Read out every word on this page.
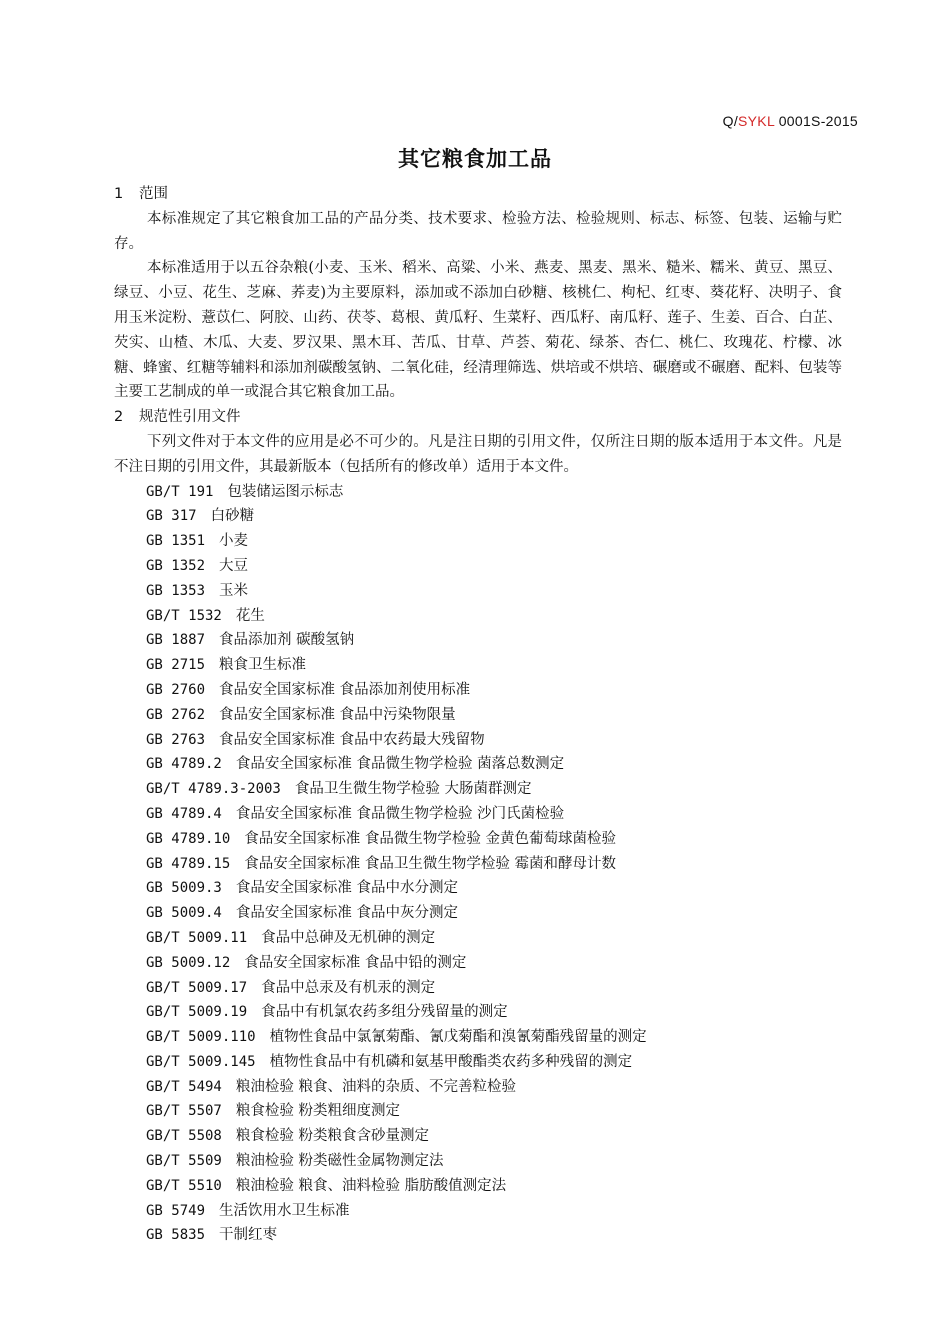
Q/SYKL 0001S-2015
其它粮食加工品
1 范围

本标准规定了其它粮食加工品的产品分类、技术要求、检验方法、检验规则、标志、标签、包装、运输与贮存。

本标准适用于以五谷杂粮(小麦、玉米、稻米、高粱、小米、燕麦、黑麦、黑米、糙米、糯米、黄豆、黑豆、绿豆、小豆、花生、芝麻、荞麦)为主要原料，添加或不添加白砂糖、核桃仁、枸杞、红枣、葵花籽、决明子、食用玉米淀粉、薏苡仁、阿胶、山药、茯苓、葛根、黄瓜籽、生菜籽、西瓜籽、南瓜籽、莲子、生姜、百合、白芷、芡实、山楂、木瓜、大麦、罗汉果、黑木耳、苦瓜、甘草、芦荟、菊花、绿茶、杏仁、桃仁、玫瑰花、柠檬、冰糖、蜂蜜、红糖等辅料和添加剂碳酸氢钠、二氧化硅，经清理筛选、烘培或不烘培、碾磨或不碾磨、配料、包装等主要工艺制成的单一或混合其它粮食加工品。

2 规范性引用文件

下列文件对于本文件的应用是必不可少的。凡是注日期的引用文件，仅所注日期的版本适用于本文件。凡是不注日期的引用文件，其最新版本（包括所有的修改单）适用于本文件。

GB/T 191 包装储运图示标志
GB 317 白砂糖
GB 1351 小麦
GB 1352 大豆
GB 1353 玉米
GB/T 1532 花生
GB 1887 食品添加剂 碳酸氢钠
GB 2715 粮食卫生标准
GB 2760 食品安全国家标准 食品添加剂使用标准
GB 2762 食品安全国家标准 食品中污染物限量
GB 2763 食品安全国家标准 食品中农药最大残留物
GB 4789.2 食品安全国家标准 食品微生物学检验 菌落总数测定
GB/T 4789.3-2003 食品卫生微生物学检验 大肠菌群测定
GB 4789.4 食品安全国家标准 食品微生物学检验 沙门氏菌检验
GB 4789.10 食品安全国家标准 食品微生物学检验 金黄色葡萄球菌检验
GB 4789.15 食品安全国家标准 食品卫生微生物学检验 霉菌和酵母计数
GB 5009.3 食品安全国家标准 食品中水分测定
GB 5009.4 食品安全国家标准 食品中灰分测定
GB/T 5009.11 食品中总砷及无机砷的测定
GB 5009.12 食品安全国家标准 食品中铅的测定
GB/T 5009.17 食品中总汞及有机汞的测定
GB/T 5009.19 食品中有机氯农药多组分残留量的测定
GB/T 5009.110 植物性食品中氯氰菊酯、氰戊菊酯和溴氰菊酯残留量的测定
GB/T 5009.145 植物性食品中有机磷和氨基甲酸酯类农药多种残留的测定
GB/T 5494 粮油检验 粮食、油料的杂质、不完善粒检验
GB/T 5507 粮食检验 粉类粗细度测定
GB/T 5508 粮食检验 粉类粮食含砂量测定
GB/T 5509 粮油检验 粉类磁性金属物测定法
GB/T 5510 粮油检验 粮食、油料检验 脂肪酸值测定法
GB 5749 生活饮用水卫生标准
GB 5835 干制红枣
